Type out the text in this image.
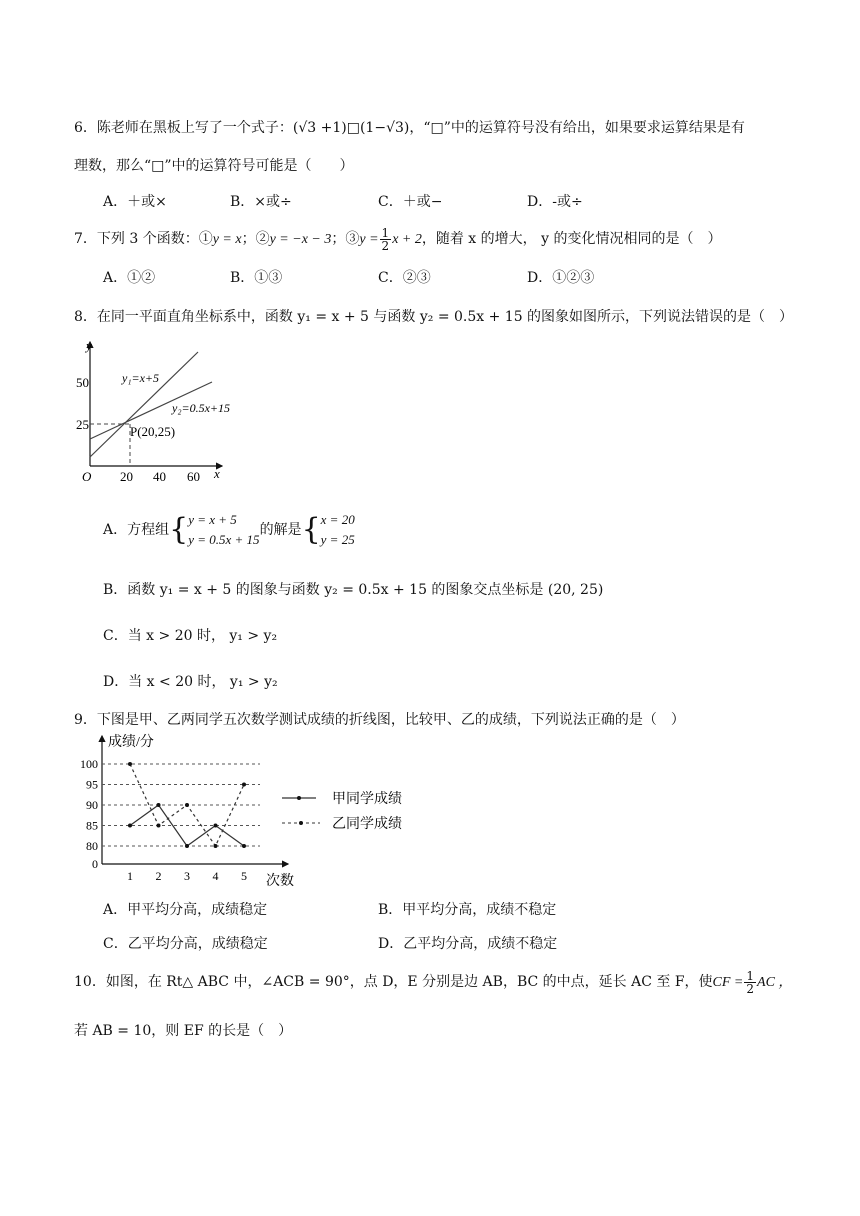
6．陈老师在黑板上写了一个式子：(√3 +1)□(1−√3)，“□”中的运算符号没有给出，如果要求运算结果是有
理数，那么“□”中的运算符号可能是（　　）
A．＋或×	B．×或÷	C．＋或−	D．-或÷
7．下列 3 个函数：①y = x；②y = −x − 3；③y = $\frac{1}{2}$ x + 2，随着 x 的增大， y 的变化情况相同的是（　）
A．①②	B．①③	C．②③	D．①②③
8．在同一平面直角坐标系中，函数 y₁ = x + 5 与函数 y₂ = 0.5x + 15 的图象如图所示，下列说法错误的是（　）
y
x
O
50
25
20 40 60
y₁=x+5
y₂=0.5x+15
P(20,25)
A．方程组{ y = x + 5
y = 0.5x + 15
的解是{ x = 20
y = 25
B．函数 y₁ = x + 5 的图象与函数 y₂ = 0.5x + 15 的图象交点坐标是 (20, 25)
C．当 x > 20 时， y₁ > y₂
D．当 x < 20 时， y₁ > y₂
9．下图是甲、乙两同学五次数学测试成绩的折线图，比较甲、乙的成绩，下列说法正确的是（　）
成绩/分
次数
0
80
85
90
95
100
1 2 3 4 5
甲同学成绩
乙同学成绩
A．甲平均分高，成绩稳定	B．甲平均分高，成绩不稳定
C．乙平均分高，成绩稳定	D．乙平均分高，成绩不稳定
10．如图，在 Rt△ ABC 中，∠ACB = 90°，点 D，E 分别是边 AB，BC 的中点，延长 AC 至 F，使CF = $\frac{1}{2}$ AC ，
若 AB = 10，则 EF 的长是（　）
